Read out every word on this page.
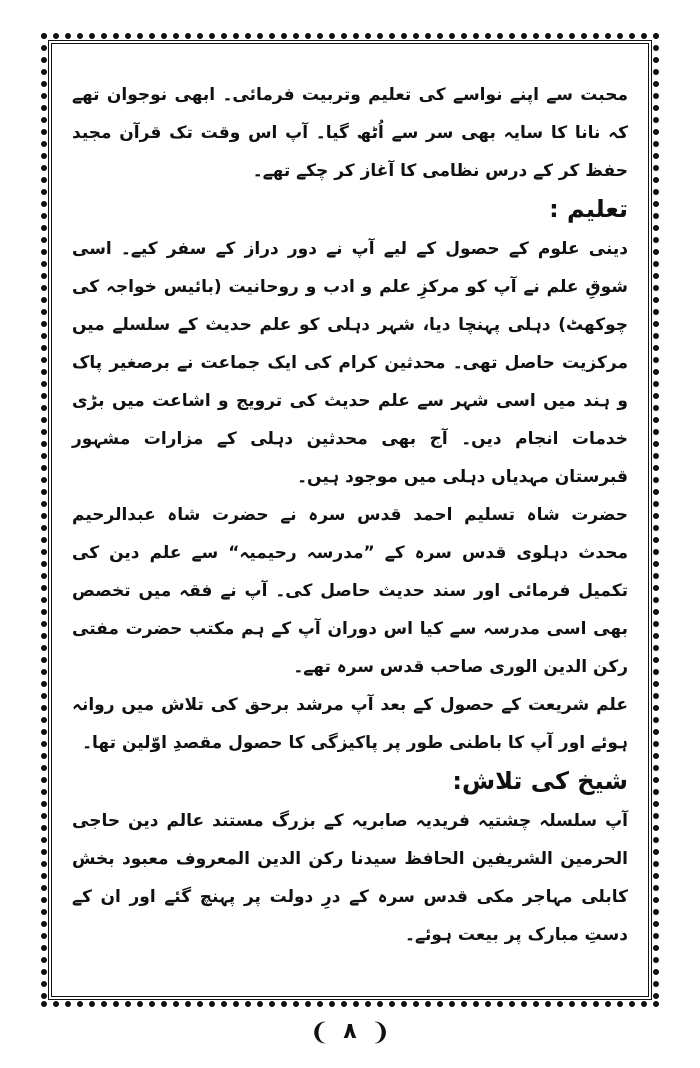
محبت سے اپنے نواسے کی تعلیم وتربیت فرمائی۔ ابھی نوجوان تھے کہ نانا کا سایہ بھی سر سے اُٹھ گیا۔ آپ اس وقت تک قرآن مجید حفظ کر کے درس نظامی کا آغاز کر چکے تھے۔

تعلیم :

دینی علوم کے حصول کے لیے آپ نے دور دراز کے سفر کیے۔ اسی شوقِ علم نے آپ کو مرکزِ علم و ادب و روحانیت (بائیس خواجہ کی چوکھٹ) دہلی پہنچا دیا، شہر دہلی کو علم حدیث کے سلسلے میں مرکزیت حاصل تھی۔ محدثین کرام کی ایک جماعت نے برصغیر پاک و ہند میں اسی شہر سے علم حدیث کی ترویج و اشاعت میں بڑی خدمات انجام دیں۔ آج بھی محدثین دہلی کے مزارات مشہور قبرستان مہدیاں دہلی میں موجود ہیں۔

حضرت شاہ تسلیم احمد قدس سرہ نے حضرت شاہ عبدالرحیم محدث دہلوی قدس سرہ کے ”مدرسہ رحیمیہ“ سے علم دین کی تکمیل فرمائی اور سند حدیث حاصل کی۔ آپ نے فقہ میں تخصص بھی اسی مدرسہ سے کیا اس دوران آپ کے ہم مکتب حضرت مفتی رکن الدین الوری صاحب قدس سرہ تھے۔

علم شریعت کے حصول کے بعد آپ مرشد برحق کی تلاش میں روانہ ہوئے اور آپ کا باطنی طور پر پاکیزگی کا حصول مقصدِ اوّلین تھا۔

شیخ کی تلاش:

آپ سلسلہ چشتیہ فریدیہ صابریہ کے بزرگ مستند عالم دین حاجی الحرمین الشریفین الحافظ سیدنا رکن الدین المعروف معبود بخش کابلی مہاجر مکی قدس سرہ کے درِ دولت پر پہنچ گئے اور ان کے دستِ مبارک پر بیعت ہوئے۔

❨ ۸ ❩
